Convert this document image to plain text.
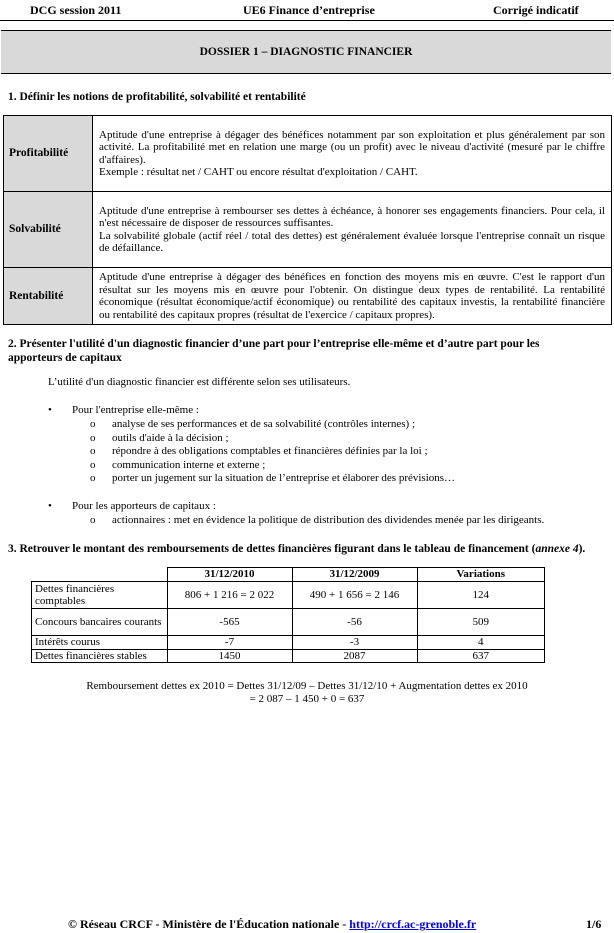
DCG session 2011	UE6 Finance d’entreprise	Corrigé indicatif
DOSSIER 1 – DIAGNOSTIC FINANCIER
1. Définir les notions de profitabilité, solvabilité et rentabilité
Profitabilité	Aptitude d'une entreprise à dégager des bénéfices notamment par son exploitation et plus généralement par son activité. La profitabilité met en relation une marge (ou un profit) avec le niveau d'activité (mesuré par le chiffre d'affaires).
Exemple : résultat net / CAHT ou encore résultat d'exploitation / CAHT.

Solvabilité	Aptitude d'une entreprise à rembourser ses dettes à échéance, à honorer ses engagements financiers. Pour cela, il n'est nécessaire de disposer de ressources suffisantes.
La solvabilité globale (actif réel / total des dettes) est généralement évaluée lorsque l'entreprise connaît un risque de défaillance.

Rentabilité	Aptitude d'une entreprise à dégager des bénéfices en fonction des moyens mis en œuvre. C'est le rapport d'un résultat sur les moyens mis en œuvre pour l'obtenir. On distingue deux types de rentabilité. La rentabilité économique (résultat économique/actif économique) ou rentabilité des capitaux investis, la rentabilité financière ou rentabilité des capitaux propres (résultat de l'exercice / capitaux propres).
2. Présenter l'utilité d'un diagnostic financier d’une part pour l’entreprise elle-même et d’autre part pour les apporteurs de capitaux
L’utilité d'un diagnostic financier est différente selon ses utilisateurs.
• Pour l'entreprise elle-même :
o analyse de ses performances et de sa solvabilité (contrôles internes) ;
o outils d'aide à la décision ;
o répondre à des obligations comptables et financières définies par la loi ;
o communication interne et externe ;
o porter un jugement sur la situation de l’entreprise et élaborer des prévisions…
• Pour les apporteurs de capitaux :
o actionnaires : met en évidence la politique de distribution des dividendes menée par les dirigeants.
3. Retrouver le montant des remboursements de dettes financières figurant dans le tableau de financement (annexe 4).
	31/12/2010	31/12/2009	Variations
Dettes financières comptables	806 + 1 216 = 2 022	490 + 1 656 = 2 146	124
Concours bancaires courants	-565	-56	509
Intérêts courus	-7	-3	4
Dettes financières stables	1450	2087	637
Remboursement dettes ex 2010 = Dettes 31/12/09 – Dettes 31/12/10 + Augmentation dettes ex 2010
= 2 087 – 1 450 + 0 = 637
© Réseau CRCF - Ministère de l'Éducation nationale - http://crcf.ac-grenoble.fr	1/6
